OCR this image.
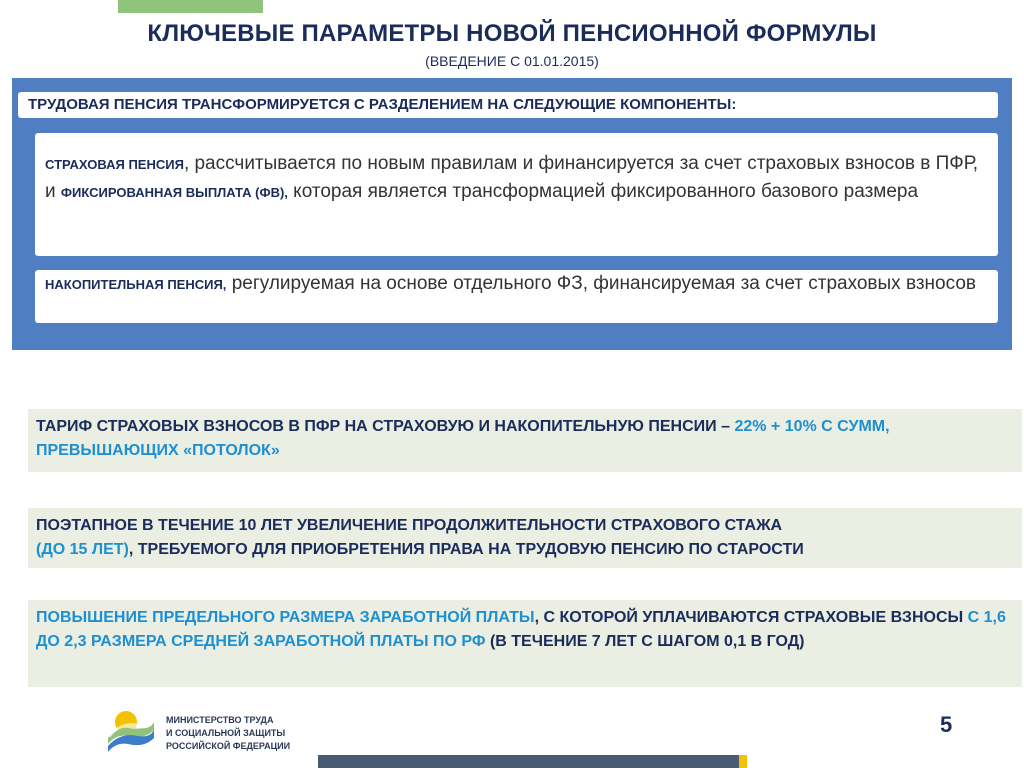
КЛЮЧЕВЫЕ ПАРАМЕТРЫ НОВОЙ ПЕНСИОННОЙ ФОРМУЛЫ
(ВВЕДЕНИЕ С 01.01.2015)
ТРУДОВАЯ ПЕНСИЯ ТРАНСФОРМИРУЕТСЯ С РАЗДЕЛЕНИЕМ НА СЛЕДУЮЩИЕ КОМПОНЕНТЫ:
СТРАХОВАЯ ПЕНСИЯ, рассчитывается по новым правилам и финансируется за счет страховых взносов в ПФР, и ФИКСИРОВАННАЯ ВЫПЛАТА (ФВ), которая является трансформацией фиксированного базового размера
НАКОПИТЕЛЬНАЯ ПЕНСИЯ, регулируемая на основе отдельного ФЗ, финансируемая за счет страховых взносов
ТАРИФ СТРАХОВЫХ ВЗНОСОВ В ПФР НА СТРАХОВУЮ И НАКОПИТЕЛЬНУЮ ПЕНСИИ – 22% + 10% С СУММ, ПРЕВЫШАЮЩИХ «ПОТОЛОК»
ПОЭТАПНОЕ В ТЕЧЕНИЕ 10 ЛЕТ УВЕЛИЧЕНИЕ ПРОДОЛЖИТЕЛЬНОСТИ СТРАХОВОГО СТАЖА
(ДО 15 ЛЕТ), ТРЕБУЕМОГО ДЛЯ ПРИОБРЕТЕНИЯ ПРАВА НА ТРУДОВУЮ ПЕНСИЮ ПО СТАРОСТИ
ПОВЫШЕНИЕ ПРЕДЕЛЬНОГО РАЗМЕРА ЗАРАБОТНОЙ ПЛАТЫ, С КОТОРОЙ УПЛАЧИВАЮТСЯ СТРАХОВЫЕ ВЗНОСЫ С 1,6 ДО 2,3 РАЗМЕРА СРЕДНЕЙ ЗАРАБОТНОЙ ПЛАТЫ ПО РФ (В ТЕЧЕНИЕ 7 ЛЕТ С ШАГОМ 0,1 В ГОД)
МИНИСТЕРСТВО ТРУДА
И СОЦИАЛЬНОЙ ЗАЩИТЫ
РОССИЙСКОЙ ФЕДЕРАЦИИ
5
